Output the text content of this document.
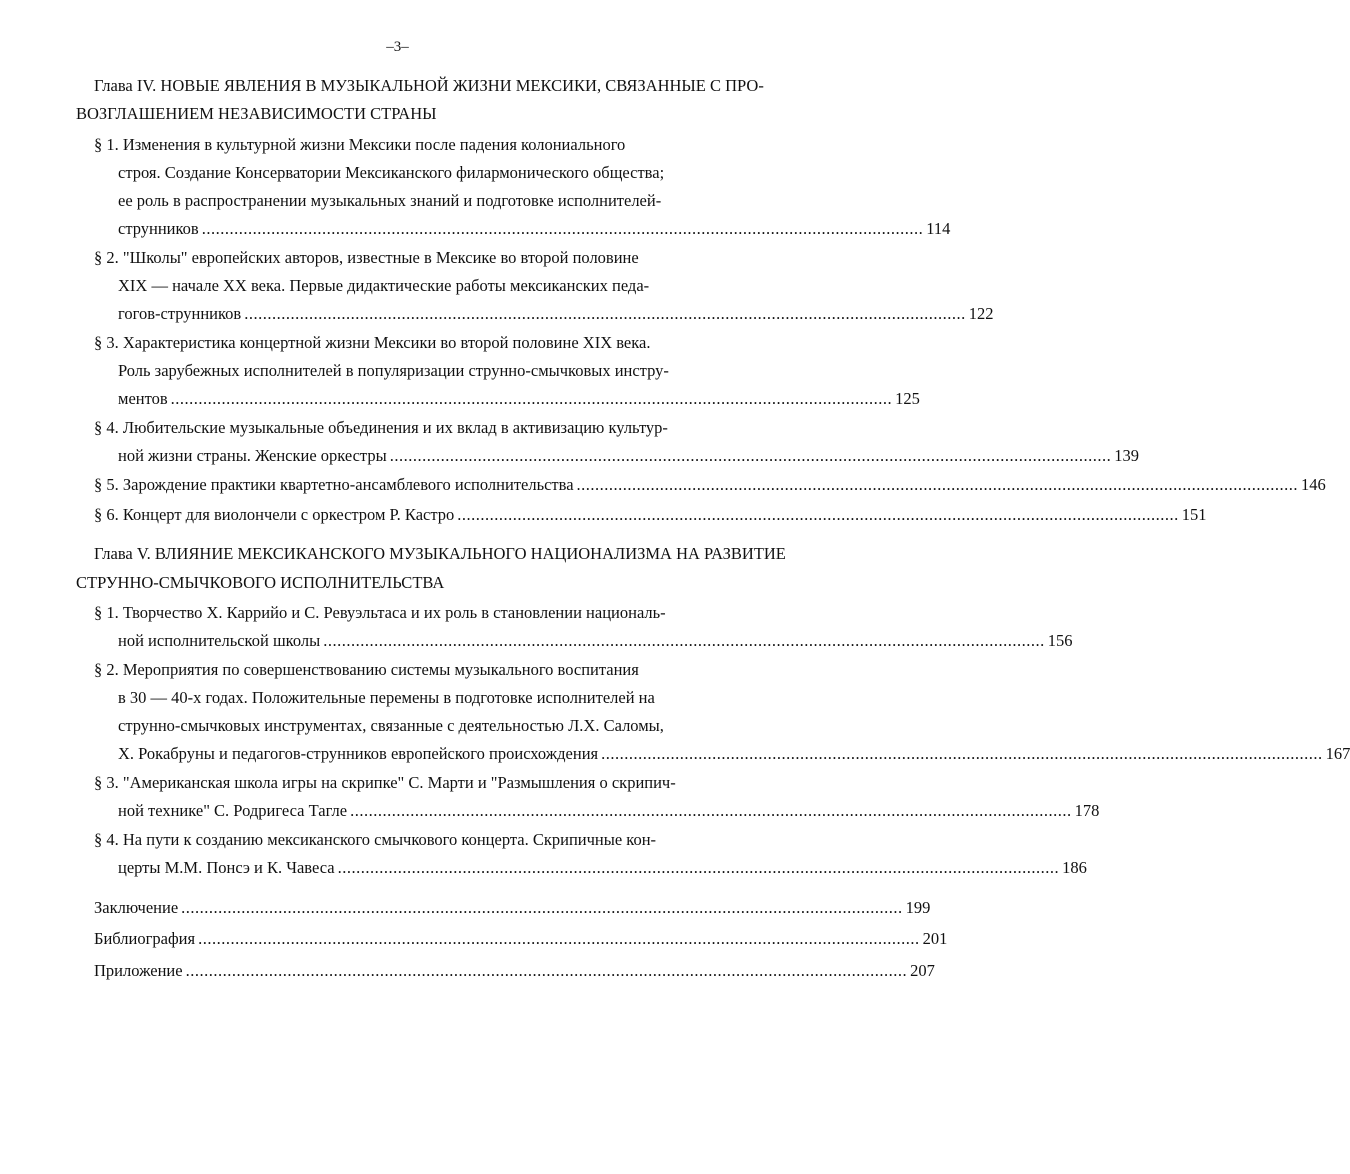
–3–
Глава IV. НОВЫЕ ЯВЛЕНИЯ В МУЗЫКАЛЬНОЙ ЖИЗНИ МЕКСИКИ, СВЯЗАННЫЕ С ПРО-
ВОЗГЛАШЕНИЕМ НЕЗАВИСИМОСТИ СТРАНЫ
§ 1. Изменения в культурной жизни Мексики после падения колониального
строя. Создание Консерватории Мексиканского филармонического общества;
ее роль в распространении музыкальных знаний и подготовке исполнителей-
струнников ............................................................................................................................................................ 114
§ 2. "Школы" европейских авторов, известные в Мексике во второй половине
XIX — начале XX века. Первые дидактические работы мексиканских педа-
гогов-струнников ............................................................................................................................................................ 122
§ 3. Характеристика концертной жизни Мексики во второй половине XIX века.
Роль зарубежных исполнителей в популяризации струнно-смычковых инстру-
ментов ............................................................................................................................................................ 125
§ 4. Любительские музыкальные объединения и их вклад в активизацию культур-
ной жизни страны. Женские оркестры ............................................................................................................................................................ 139
§ 5. Зарождение практики квартетно-ансамблевого исполнительства ............................................................................................................................................................ 146
§ 6. Концерт для виолончели с оркестром Р. Кастро ............................................................................................................................................................ 151
Глава V. ВЛИЯНИЕ МЕКСИКАНСКОГО МУЗЫКАЛЬНОГО НАЦИОНАЛИЗМА НА РАЗВИТИЕ
СТРУННО-СМЫЧКОВОГО ИСПОЛНИТЕЛЬСТВА
§ 1. Творчество Х. Каррийо и С. Ревуэльтаса и их роль в становлении националь-
ной исполнительской школы ............................................................................................................................................................ 156
§ 2. Мероприятия по совершенствованию системы музыкального воспитания
в 30 — 40-х годах. Положительные перемены в подготовке исполнителей на
струнно-смычковых инструментах, связанные с деятельностью Л.Х. Саломы,
Х. Рокабруны и педагогов-струнников европейского происхождения ............................................................................................................................................................ 167
§ 3. "Американская школа игры на скрипке" С. Марти и "Размышления о скрипич-
ной технике" С. Родригеса Тагле ............................................................................................................................................................ 178
§ 4. На пути к созданию мексиканского смычкового концерта. Скрипичные кон-
церты М.М. Понсэ и К. Чавеса ............................................................................................................................................................ 186
Заключение ............................................................................................................................................................ 199
Библиография ............................................................................................................................................................ 201
Приложение ............................................................................................................................................................ 207
